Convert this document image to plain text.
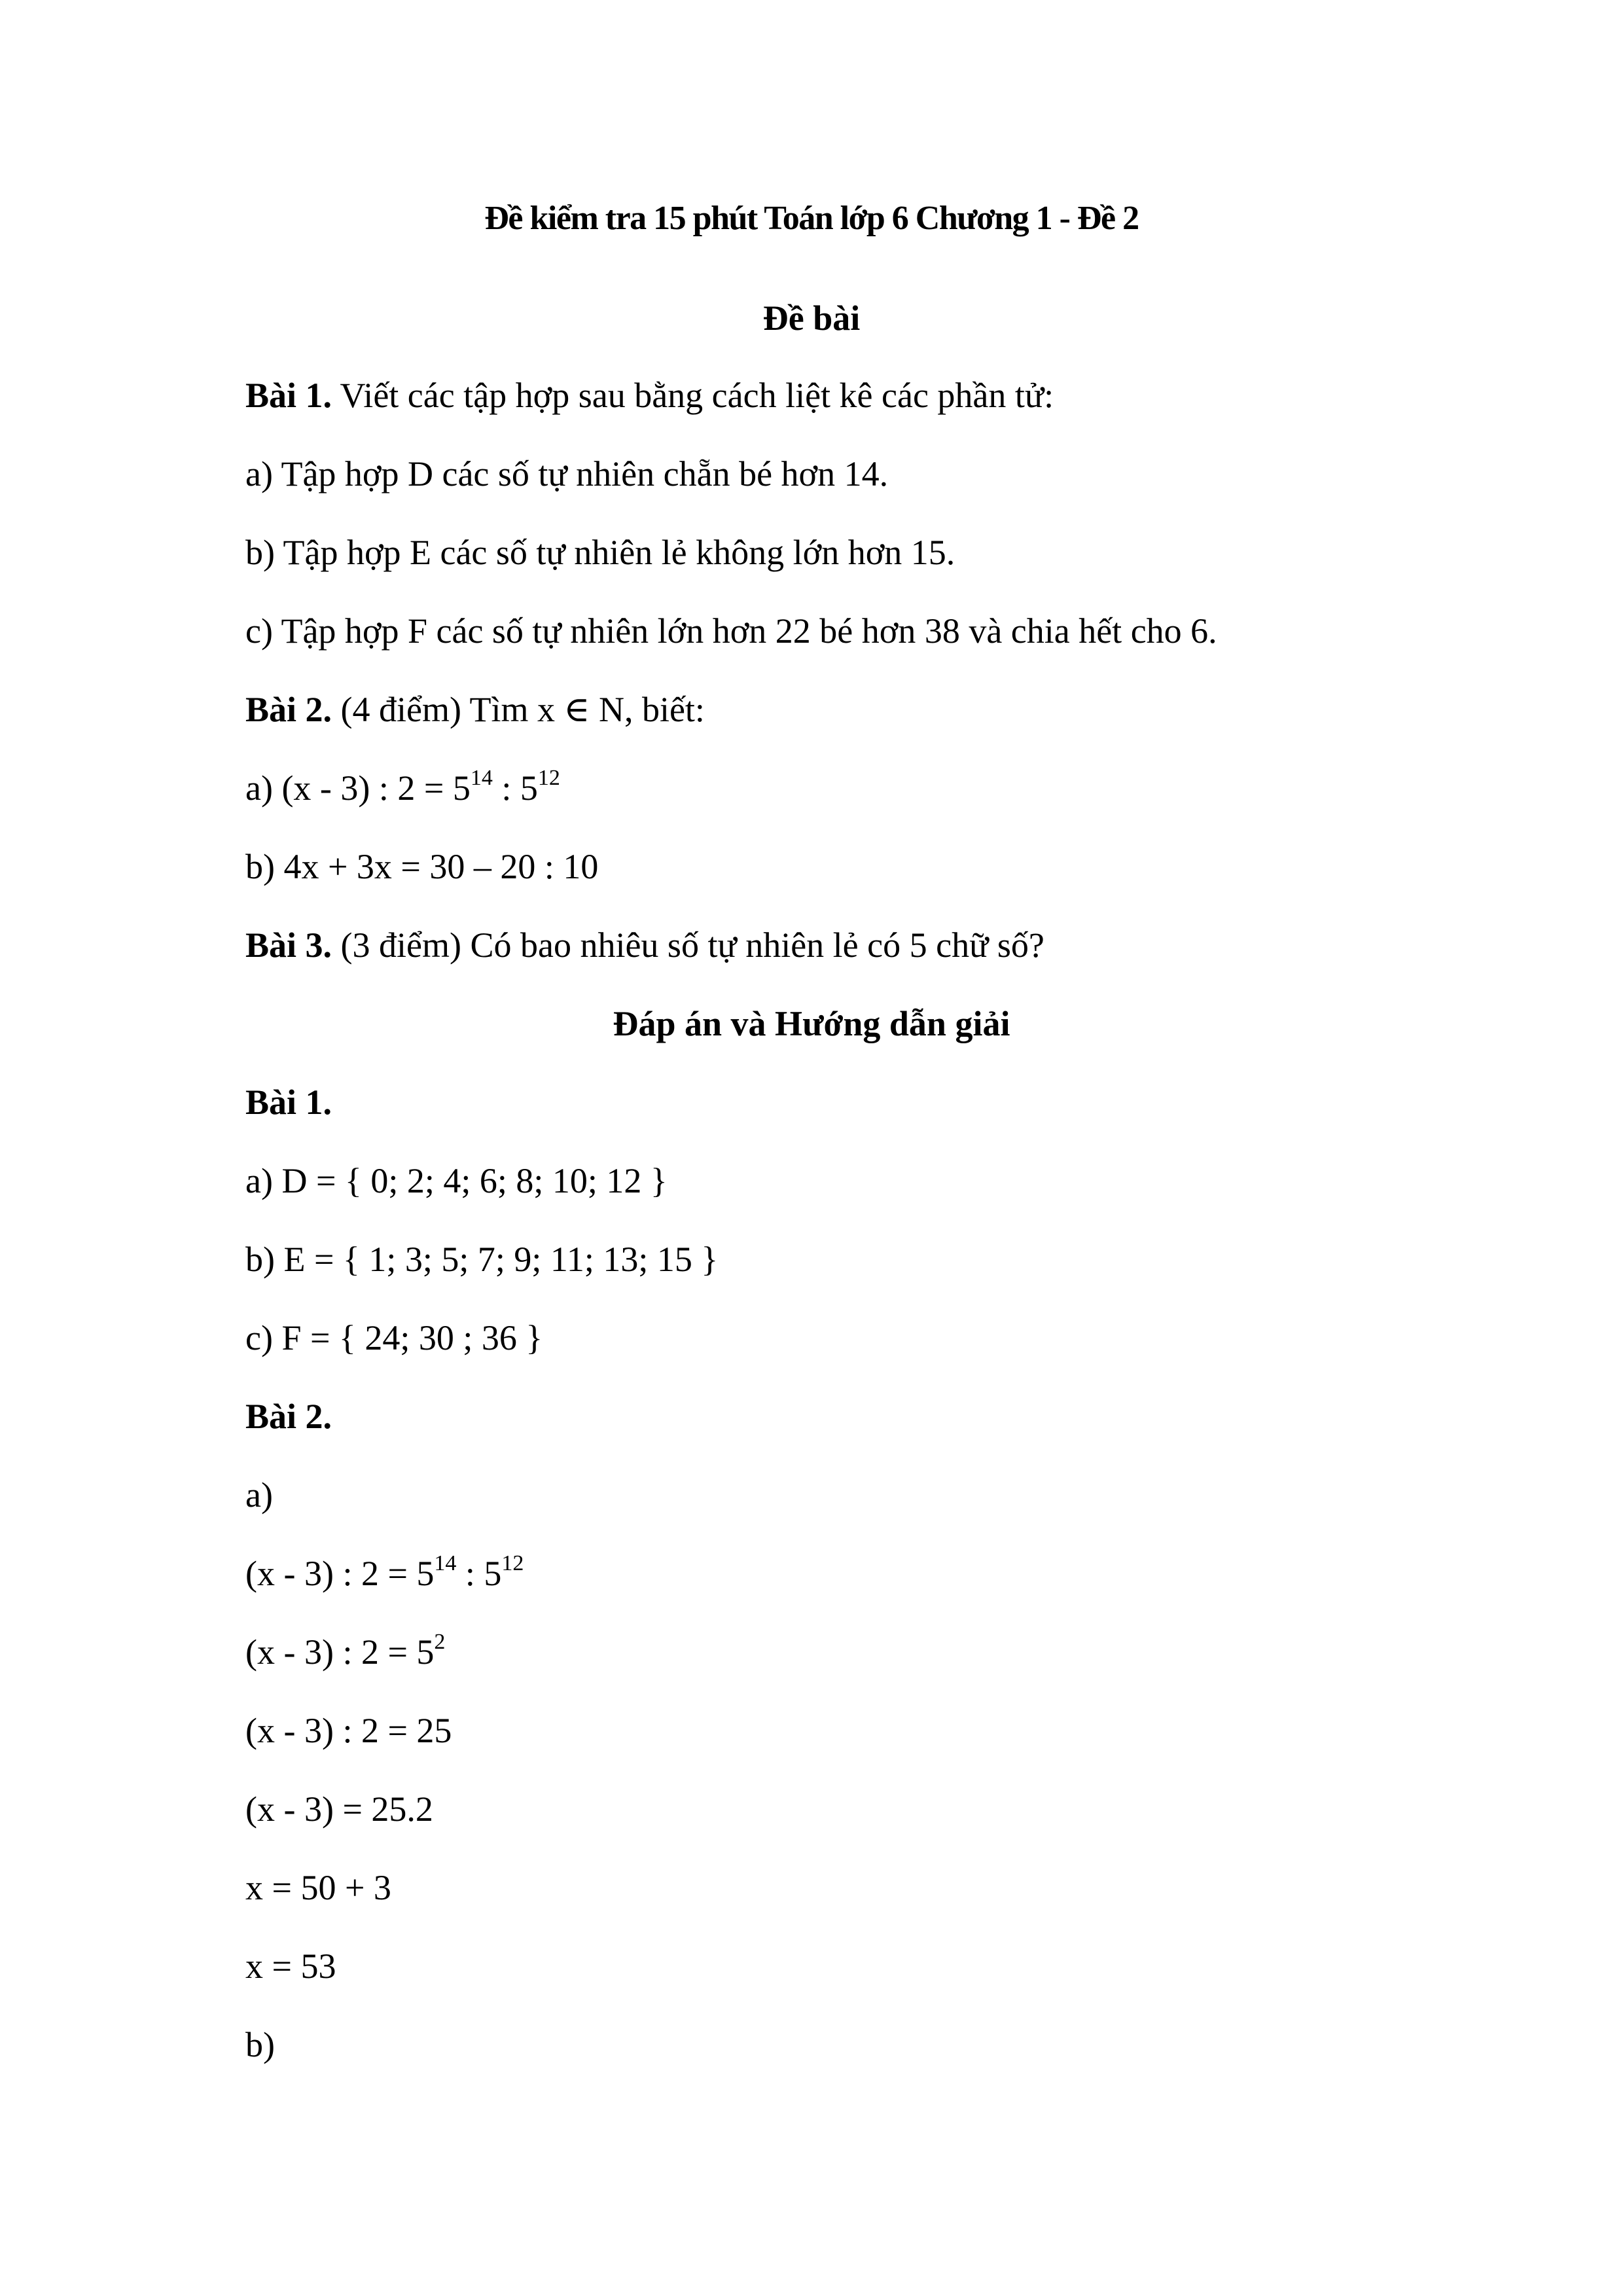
Đề kiểm tra 15 phút Toán lớp 6 Chương 1 - Đề 2
Đề bài
Bài 1. Viết các tập hợp sau bằng cách liệt kê các phần tử:
a) Tập hợp D các số tự nhiên chẵn bé hơn 14.
b) Tập hợp E các số tự nhiên lẻ không lớn hơn 15.
c) Tập hợp F các số tự nhiên lớn hơn 22 bé hơn 38 và chia hết cho 6.
Bài 2. (4 điểm) Tìm x ∈ N, biết:
a) (x - 3) : $2 = 5^{14}$ : $5^{12}$
b) 4x + 3x = 30 – 20 : 10
Bài 3. (3 điểm) Có bao nhiêu số tự nhiên lẻ có 5 chữ số?
Đáp án và Hướng dẫn giải
Bài 1.
a) D = { 0; 2; 4; 6; 8; 10; 12 }
b) E = { 1; 3; 5; 7; 9; 11; 13; 15 }
c) F = { 24; 30 ; 36 }
Bài 2.
a)
(x - 3) : $2 = 5^{14}$ : $5^{12}$
(x - 3) : $2 = 5^2$
(x - 3) : 2 = 25
(x - 3) = 25.2
x = 50 + 3
x = 53
b)
